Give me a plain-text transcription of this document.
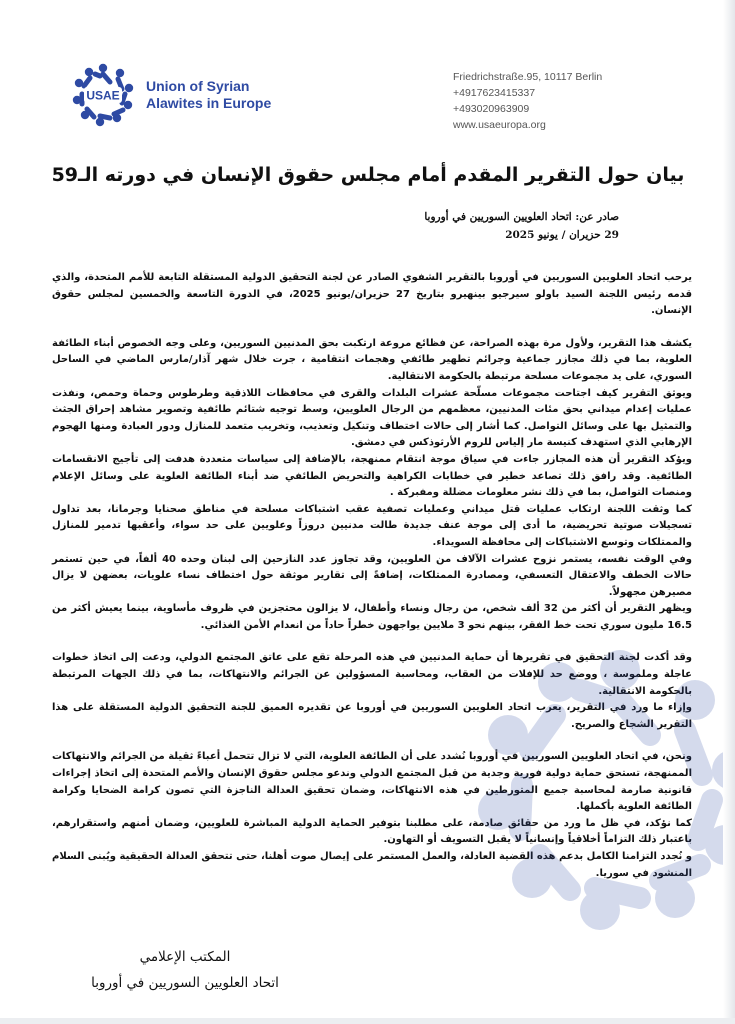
USAE
Union of Syrian
Alawites in Europe
Friedrichstraße.95, 10117 Berlin
+4917623415337
+493020963909
www.usaeuropa.org
بيان حول التقرير المقدم أمام مجلس حقوق الإنسان في دورته الـ59
صادر عن: اتحاد العلويين السوريين في أوروبا
29 حزيران / يونيو 2025

يرحب اتحاد العلويين السوريين في أوروبا بالتقرير الشفوي الصادر عن لجنة التحقيق الدولية المستقلة التابعة للأمم المتحدة، والذي قدمه رئيس اللجنة السيد باولو سيرجيو بينهيرو بتاريخ 27 حزيران/يونيو 2025، في الدورة التاسعة والخمسين لمجلس حقوق الإنسان.

يكشف هذا التقرير، ولأول مرة بهذه الصراحة، عن فظائع مروعة ارتكبت بحق المدنيين السوريين، وعلى وجه الخصوص أبناء الطائفة العلوية، بما في ذلك مجازر جماعية وجرائم تطهير طائفي وهجمات انتقامية ، جرت خلال شهر آذار/مارس الماضي في الساحل السوري، على يد مجموعات مسلحة مرتبطة بالحكومة الانتقالية.

ويوثق التقرير كيف اجتاحت مجموعات مسلّحة عشرات البلدات والقرى في محافظات اللاذقية وطرطوس وحماة وحمص، ونفذت عمليات إعدام ميداني بحق مئات المدنيين، معظمهم من الرجال العلويين، وسط توجيه شتائم طائفية وتصوير مشاهد إحراق الجثث والتمثيل بها على وسائل التواصل. كما أشار إلى حالات اختطاف وتنكيل وتعذيب، وتخريب متعمد للمنازل ودور العبادة ومنها الهجوم الإرهابي الذي استهدف كنيسة مار إلياس للروم الأرثوذكس في دمشق.

ويؤكد التقرير أن هذه المجازر جاءت في سياق موجة انتقام ممنهجة، بالإضافة إلى سياسات متعددة هدفت إلى تأجيج الانقسامات الطائفية. وقد رافق ذلك تصاعد خطير في خطابات الكراهية والتحريض الطائفي ضد أبناء الطائفة العلوية على وسائل الإعلام ومنصات التواصل، بما في ذلك نشر معلومات مضللة ومفبركة .

كما وثقت اللجنة ارتكاب عمليات قتل ميداني وعمليات تصفية عقب اشتباكات مسلحة في مناطق صحنايا وجرمانا، بعد تداول تسجيلات صوتية تحريضية، ما أدى إلى موجة عنف جديدة طالت مدنيين دروزاً وعلويين على حد سواء، وأعقبها تدمير للمنازل والممتلكات وتوسع الاشتباكات إلى محافظة السويداء.

وفي الوقت نفسه، يستمر نزوح عشرات الآلاف من العلويين، وقد تجاوز عدد النازحين إلى لبنان وحده 40 ألفاً، في حين تستمر حالات الخطف والاعتقال التعسفي، ومصادرة الممتلكات، إضافةً إلى تقارير موثقة حول اختطاف نساء علويات، بعضهن لا يزال مصيرهن مجهولاً.

ويظهر التقرير أن أكثر من 32 ألف شخص، من رجال ونساء وأطفال، لا يزالون محتجزين في ظروف مأساوية، بينما يعيش أكثر من 16.5 مليون سوري تحت خط الفقر، بينهم نحو 3 ملايين يواجهون خطراً حاداً من انعدام الأمن الغذائي.

وقد أكدت لجنة التحقيق في تقريرها أن حماية المدنيين في هذه المرحلة تقع على عاتق المجتمع الدولي، ودعت إلى اتخاذ خطوات عاجلة وملموسة ، ووضع حد للإفلات من العقاب، ومحاسبة المسؤولين عن الجرائم والانتهاكات، بما في ذلك الجهات المرتبطة بالحكومة الانتقالية.

وإزاء ما ورد في التقرير، يعرب اتحاد العلويين السوريين في أوروبا عن تقديره العميق للجنة التحقيق الدولية المستقلة على هذا التقرير الشجاع والصريح.

ونحن، في اتحاد العلويين السوريين في أوروبا نُشدد على أن الطائفة العلوية، التي لا تزال تتحمل أعباءً ثقيلة من الجرائم والانتهاكات الممنهجة، تستحق حماية دولية فورية وجدية من قبل المجتمع الدولي وندعو مجلس حقوق الإنسان والأمم المتحدة إلى اتخاذ إجراءات قانونية صارمة لمحاسبة جميع المتورطين في هذه الانتهاكات، وضمان تحقيق العدالة الناجزة التي تصون كرامة الضحايا وكرامة الطائفة العلوية بأكملها.

كما نؤكد، في ظل ما ورد من حقائق صادمة، على مطلبنا بتوفير الحماية الدولية المباشرة للعلويين، وضمان أمنهم واستقرارهم، باعتبار ذلك التزاماً أخلاقياً وإنسانياً لا يقبل التسويف أو التهاون.

و نُجدد التزامنا الكامل بدعم هذه القضية العادلة، والعمل المستمر على إيصال صوت أهلنا، حتى تتحقق العدالة الحقيقية ويُبنى السلام المنشود في سوريا.

المكتب الإعلامي
اتحاد العلويين السوريين في أوروبا
